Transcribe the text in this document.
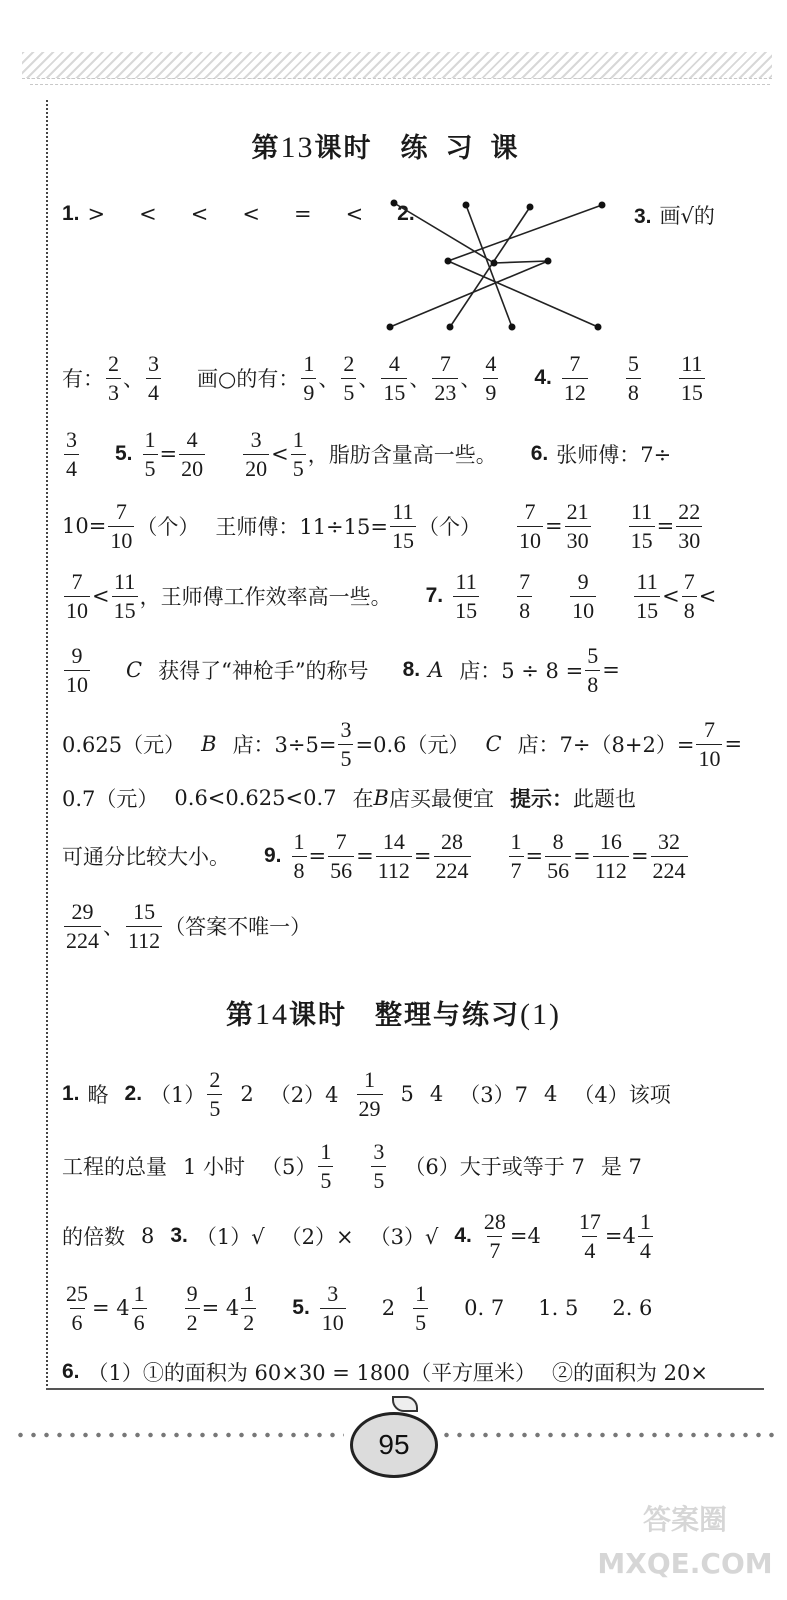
第13课时 练习课
1. > < < < = < 2.	3. 画√的
有： $\frac{2}{3}$ 、 $\frac{3}{4}$ 画○的有： $\frac{1}{9}$ 、 $\frac{2}{5}$ 、 $\frac{4}{15}$ 、 $\frac{7}{23}$ 、 $\frac{4}{9} 4$. $\frac{7}{12} \frac{5}{8} \frac{11}{15}$
$\frac{3}{4} 5$. $\frac{1}{5} = \frac{4}{20} \frac{3}{20} < \frac{1}{5}$ ，脂肪含量高一些。 6. 张师傅：7÷
$10= \frac{7}{10}$ （个） 王师傅：$11\div 15= \frac{11}{15}$ （个） $\frac{7}{10} = \frac{21}{30} \frac{11}{15} = \frac{22}{30}$
$\frac{7}{10} < \frac{11}{15}$ ，王师傅工作效率高一些。 7. $\frac{11}{15} \frac{7}{8} \frac{9}{10} \frac{11}{15} < \frac{7}{8}$ <
$\frac{9}{10}$ C 获得了“神枪手”的称号 8. A 店：$5 \div 8 = \frac{5}{8}$ =
0.625（元） B 店：$3\div 5= \frac{3}{5} =0.6$（元） C 店：$7\div(8+2)= \frac{7}{10}$ =
0.7（元） 0.6<0.625<0.7 在 B 店买最便宜 提示： 此题也
可通分比较大小。 9. $\frac{1}{8} = \frac{7}{56} = \frac{14}{112} = \frac{28}{224} \frac{1}{7} = \frac{8}{56} = \frac{16}{112} = \frac{32}{224}$
$\frac{29}{224}$ 、 $\frac{15}{112}$ （答案不唯一）
第14课时 整理与练习(1)
1. 略 2. $(1) \frac{2}{5} 2$ $(2)4 \frac{1}{29} 5$ 4 （3）7 4 （4）该项
工程的总量 1 小时 $(5) \frac{1}{5} \frac{3}{5} (6)$大于或等于 7 是 7
的倍数 8 3. （1）√ （2）× （3）√ 4. $\frac{28}{7} =4 \frac{17}{4} =4 \frac{1}{4}$
$\frac{25}{6} = 4 \frac{1}{6} \frac{9}{2} = 4 \frac{1}{2} 5$. $\frac{3}{10} 2 \frac{1}{5} 0$. 7 1. 5 2. 6
6. （1）①的面积为 60×30 = 1800（平方厘米） ②的面积为 20×
95
答案圈 MXQE.COM
